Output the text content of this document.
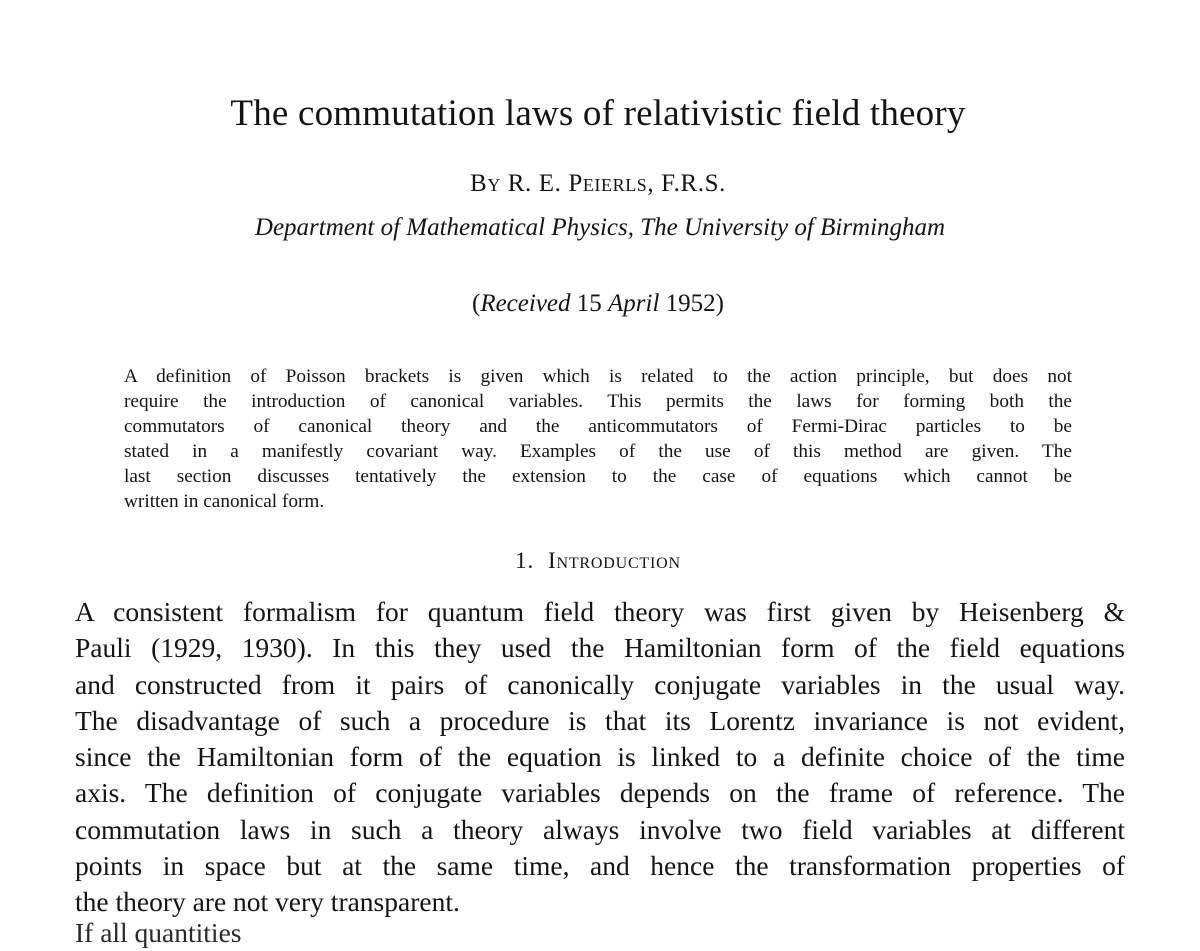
The commutation laws of relativistic field theory
By R. E. Peierls, F.R.S.
Department of Mathematical Physics, The University of Birmingham
(Received 15 April 1952)
A definition of Poisson brackets is given which is related to the action principle, but does not
require the introduction of canonical variables. This permits the laws for forming both the
commutators of canonical theory and the anticommutators of Fermi-Dirac particles to be
stated in a manifestly covariant way. Examples of the use of this method are given. The
last section discusses tentatively the extension to the case of equations which cannot be
written in canonical form.
1. Introduction
A consistent formalism for quantum field theory was first given by Heisenberg &
Pauli (1929, 1930). In this they used the Hamiltonian form of the field equations
and constructed from it pairs of canonically conjugate variables in the usual way.
The disadvantage of such a procedure is that its Lorentz invariance is not evident,
since the Hamiltonian form of the equation is linked to a definite choice of the time
axis. The definition of conjugate variables depends on the frame of reference. The
commutation laws in such a theory always involve two field variables at different
points in space but at the same time, and hence the transformation properties of
the theory are not very transparent.
If all quantities
